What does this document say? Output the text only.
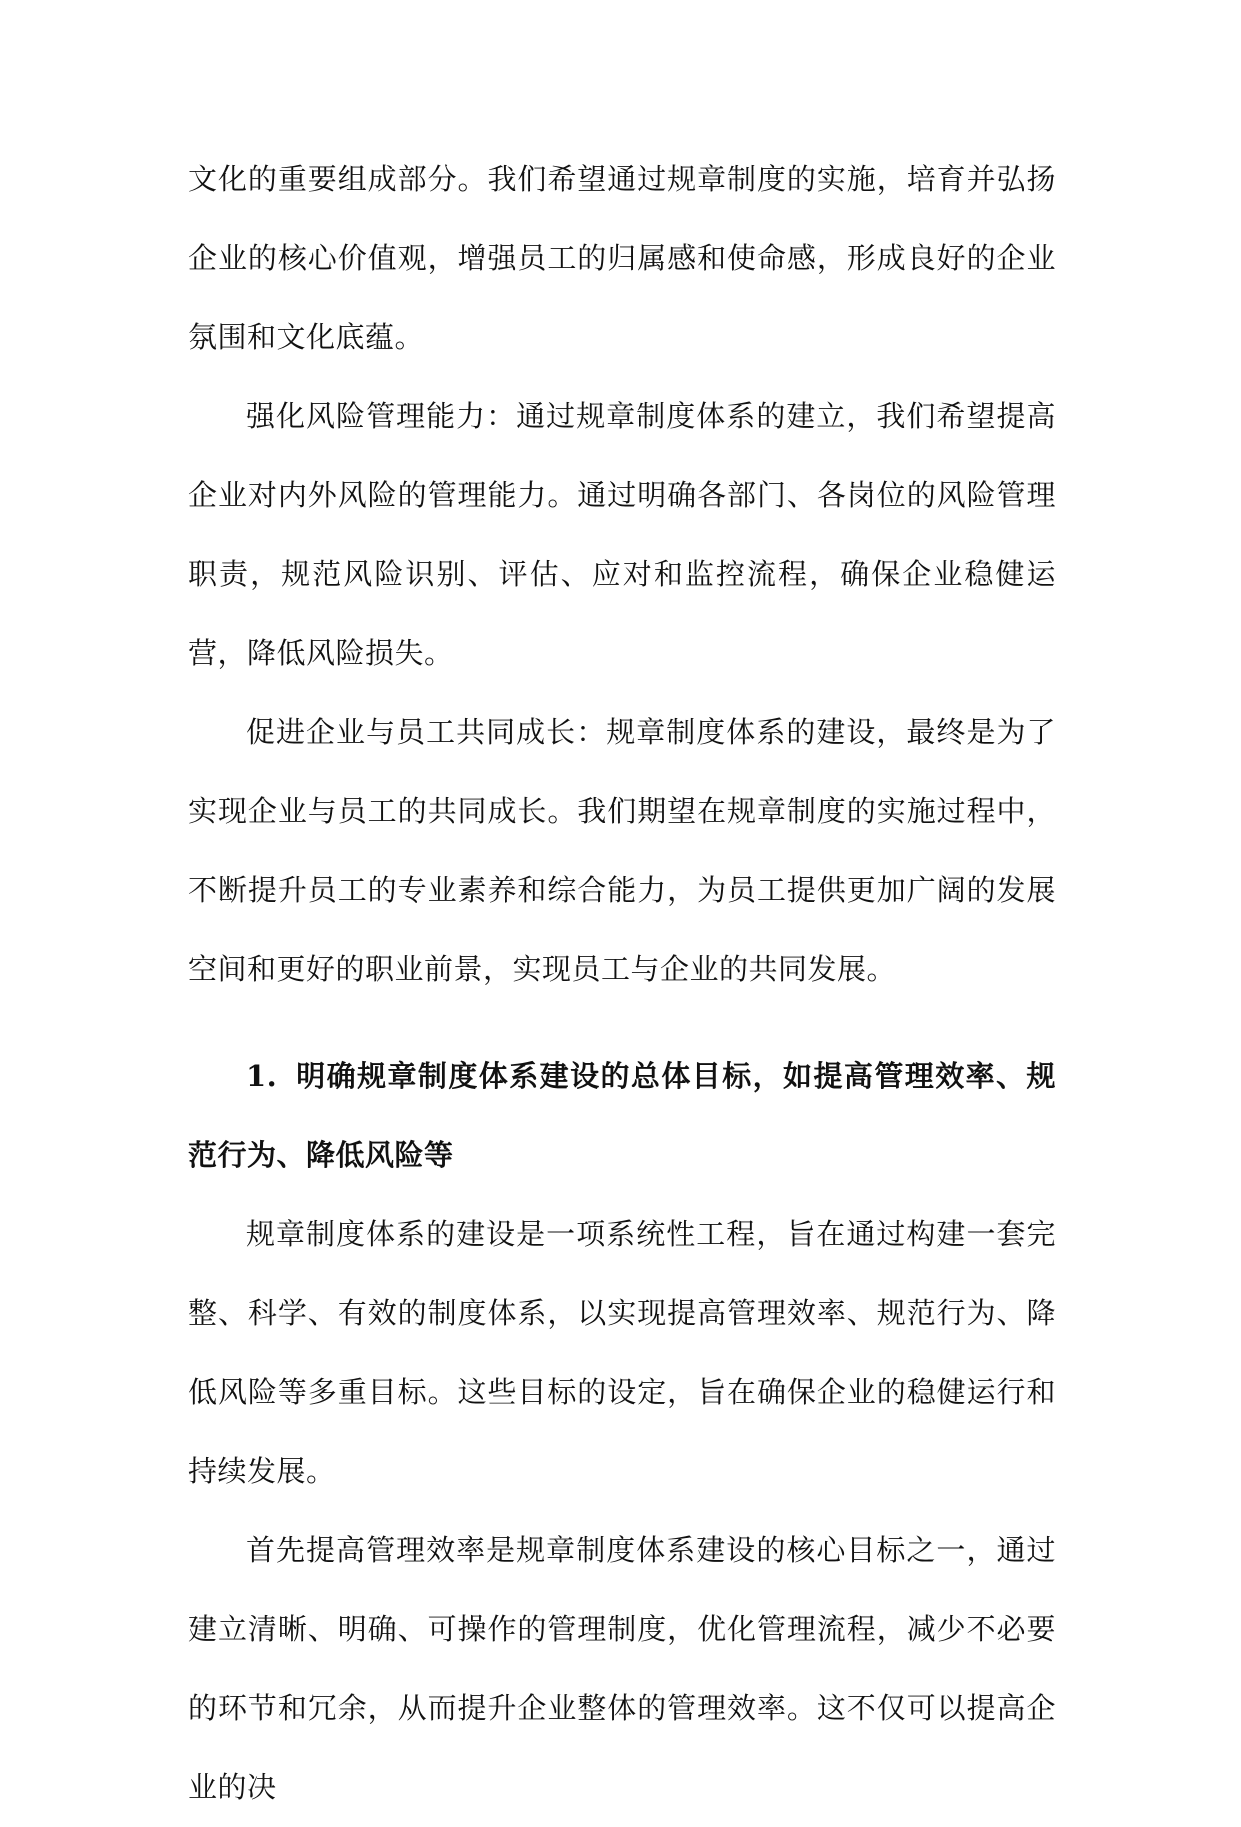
文化的重要组成部分。我们希望通过规章制度的实施，培育并弘扬企业的核心价值观，增强员工的归属感和使命感，形成良好的企业氛围和文化底蕴。

强化风险管理能力：通过规章制度体系的建立，我们希望提高企业对内外风险的管理能力。通过明确各部门、各岗位的风险管理职责，规范风险识别、评估、应对和监控流程，确保企业稳健运营，降低风险损失。

促进企业与员工共同成长：规章制度体系的建设，最终是为了实现企业与员工的共同成长。我们期望在规章制度的实施过程中，不断提升员工的专业素养和综合能力，为员工提供更加广阔的发展空间和更好的职业前景，实现员工与企业的共同发展。

1. 明确规章制度体系建设的总体目标，如提高管理效率、规范行为、降低风险等

规章制度体系的建设是一项系统性工程，旨在通过构建一套完整、科学、有效的制度体系，以实现提高管理效率、规范行为、降低风险等多重目标。这些目标的设定，旨在确保企业的稳健运行和持续发展。

首先提高管理效率是规章制度体系建设的核心目标之一，通过建立清晰、明确、可操作的管理制度，优化管理流程，减少不必要的环节和冗余，从而提升企业整体的管理效率。这不仅可以提高企业的决
